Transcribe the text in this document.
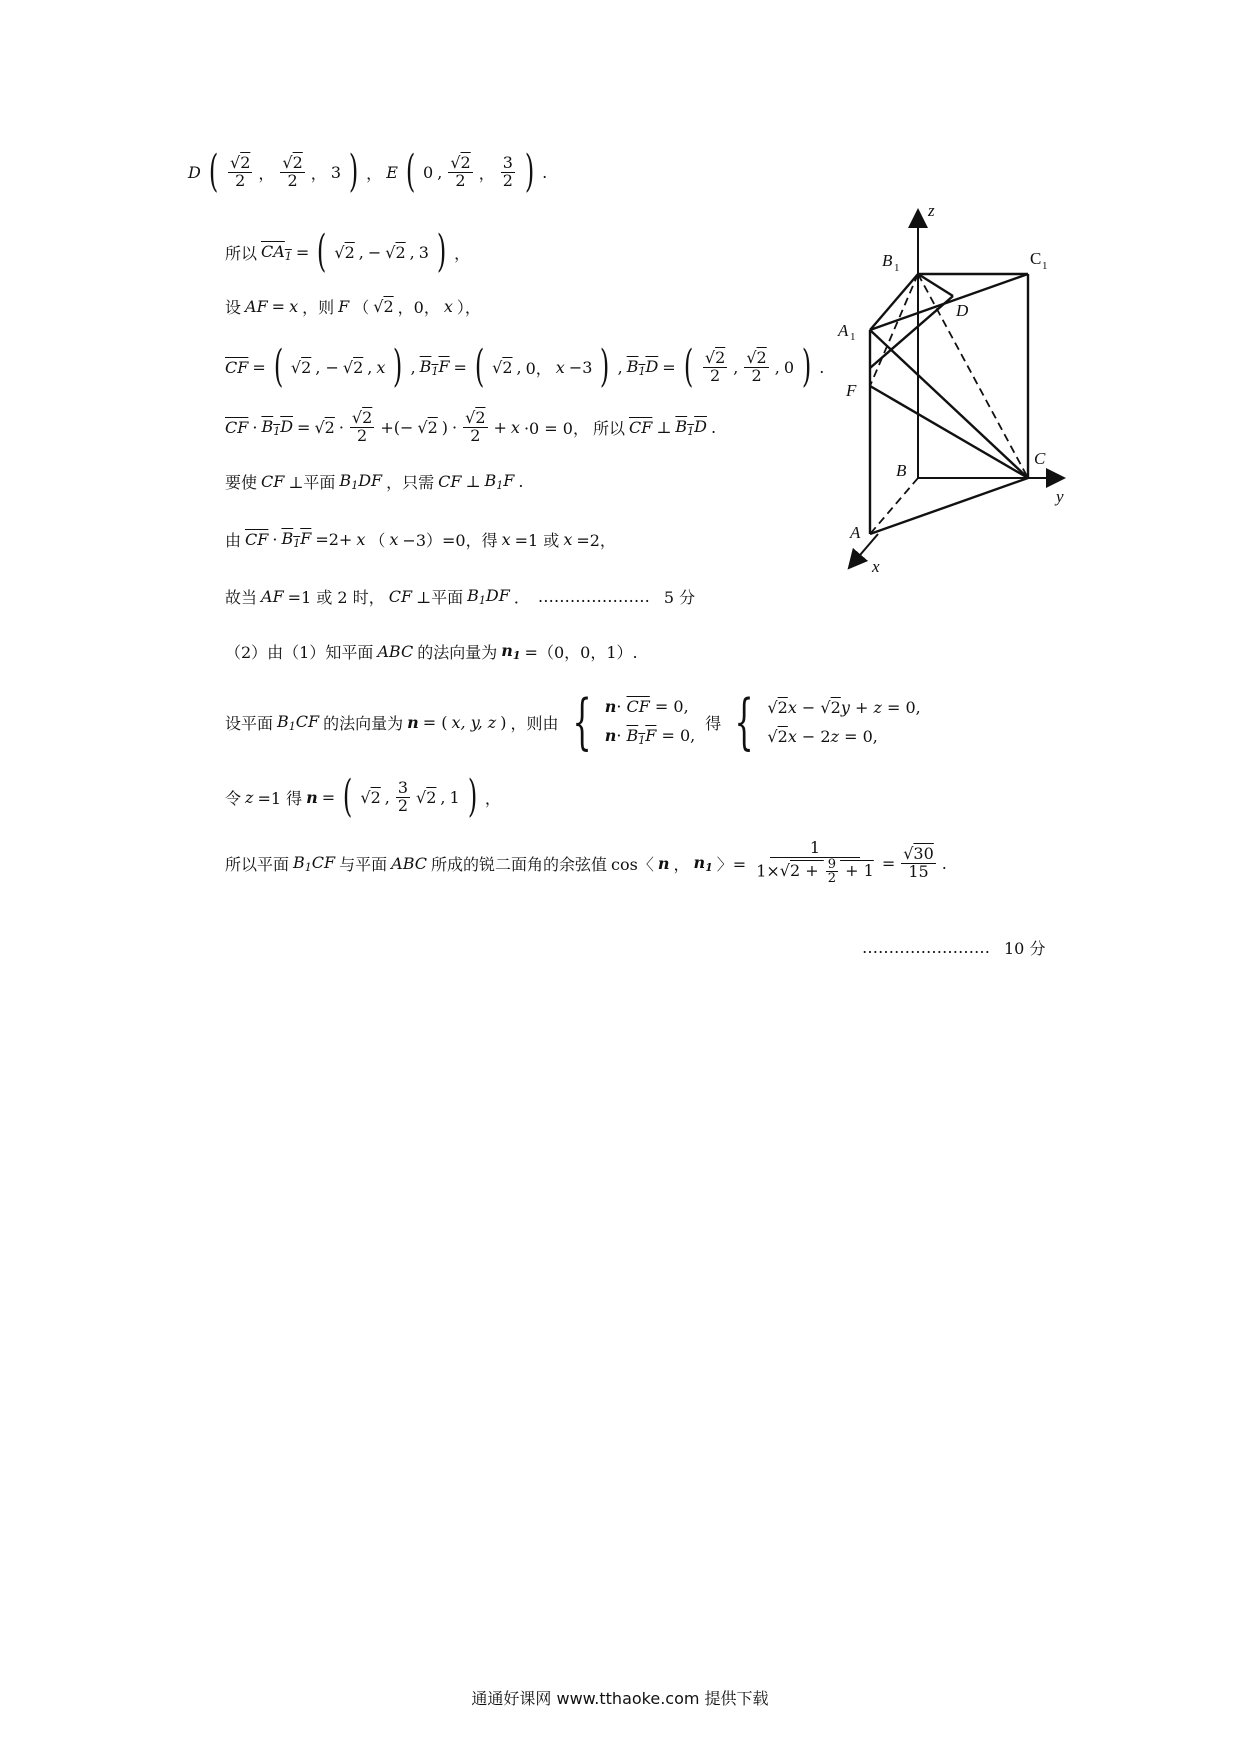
D ( √ $\frac{2}{2}$ ， √ $\frac{2}{2}$ ， 3 ) ， E ( 0 , √ $\frac{2}{2}$ ， $\frac{3}{2}$ ) .
所以 $CA_1$ = (	√ 2 , − √ 2 , 3 ) ，
设 AF = x ，则 F （ √ 2 ，0， x ），
$\overline{CF}$ = (	√ 2 , − √ 2 , x ) , $B_1F$ = (	√ 2 , 0， x −3 ) , $B_1D$ = ( √ $\frac{2}{2}$ , √ $\frac{2}{2}$ , 0 ) .
$\overline{CF} \cdot B_1D$ = √ 2 · √ $\frac{2}{2}$ +(− √ 2 ) · √ $\frac{2}{2} + x \cdot 0 = 0$， 所以 $\overline{CF}$ ⊥ $B_1D$ .
要使 CF ⊥平面 $B_1DF$ ，只需 CF ⊥ $B_1F$ .
由 $\overline{CF} \cdot B_1F =2+ x$ （ x −3）=0，得 x =1 或 x =2，
故当 AF =1 或 2 时， CF ⊥平面 $B_1DF$ ． ………………… 5 分
（2）由（1）知平面 ABC 的法向量为 $n_1 =(0$，0，1）.
设平面 $B_1CF$ 的法向量为 n = ( x, y, z ) ，则由 { $n\cdot \overline{CF} = 0$,
$n\cdot B_1F = 0$,
得 {	√ 2x − √ 2y + z = 0,
√ 2x − 2z = 0,
令 z =1 得 n = (	√ 2 , $\frac{3}{2}$	√ 2 , 1 ) ，
所以平面 $B_1CF$ 与平面 ABC 所成的锐二面角的余弦值 cos〈 n ， $n_1$ 〉= $\frac{1}{1\times √ 2 + \frac{9}{2} + 1}$ = √ $\frac{30}{15}$ .
…………………… 10 分
z
y
x
B 1	C 1
A 1
D
F
B
C
A
通通好课网 www.tthaoke.com 提供下载
